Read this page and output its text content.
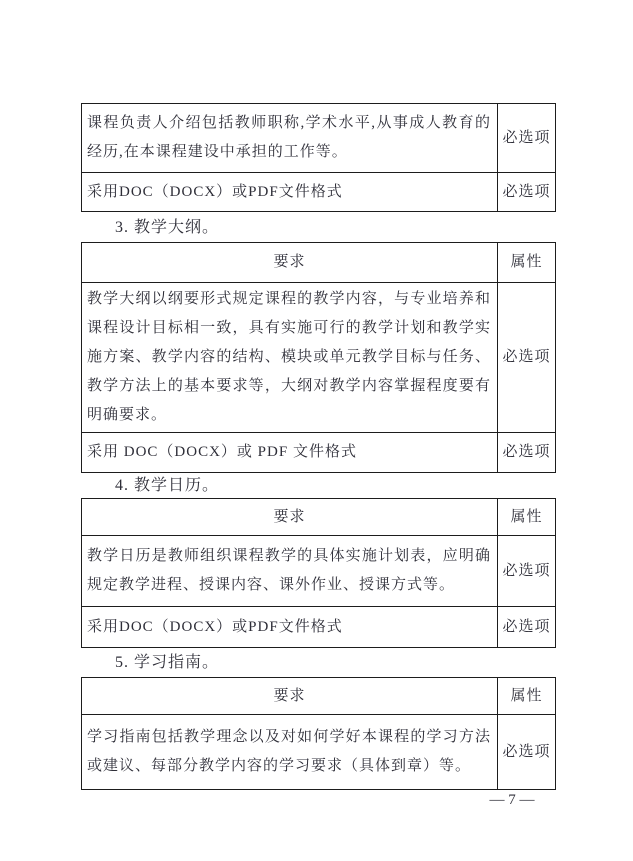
课程负责人介绍包括教师职称,学术水平,从事成人教育的经历,在本课程建设中承担的工作等。	必选项
采用DOC（DOCX）或PDF文件格式	必选项
3. 教学大纲。
要求	属性
教学大纲以纲要形式规定课程的教学内容，与专业培养和课程设计目标相一致，具有实施可行的教学计划和教学实施方案、教学内容的结构、模块或单元教学目标与任务、教学方法上的基本要求等，大纲对教学内容掌握程度要有明确要求。	必选项
采用 DOC（DOCX）或 PDF 文件格式	必选项
4. 教学日历。
要求	属性
教学日历是教师组织课程教学的具体实施计划表，应明确规定教学进程、授课内容、课外作业、授课方式等。	必选项
采用DOC（DOCX）或PDF文件格式	必选项
5. 学习指南。
要求	属性
学习指南包括教学理念以及对如何学好本课程的学习方法或建议、每部分教学内容的学习要求（具体到章）等。	必选项
— 7 —
